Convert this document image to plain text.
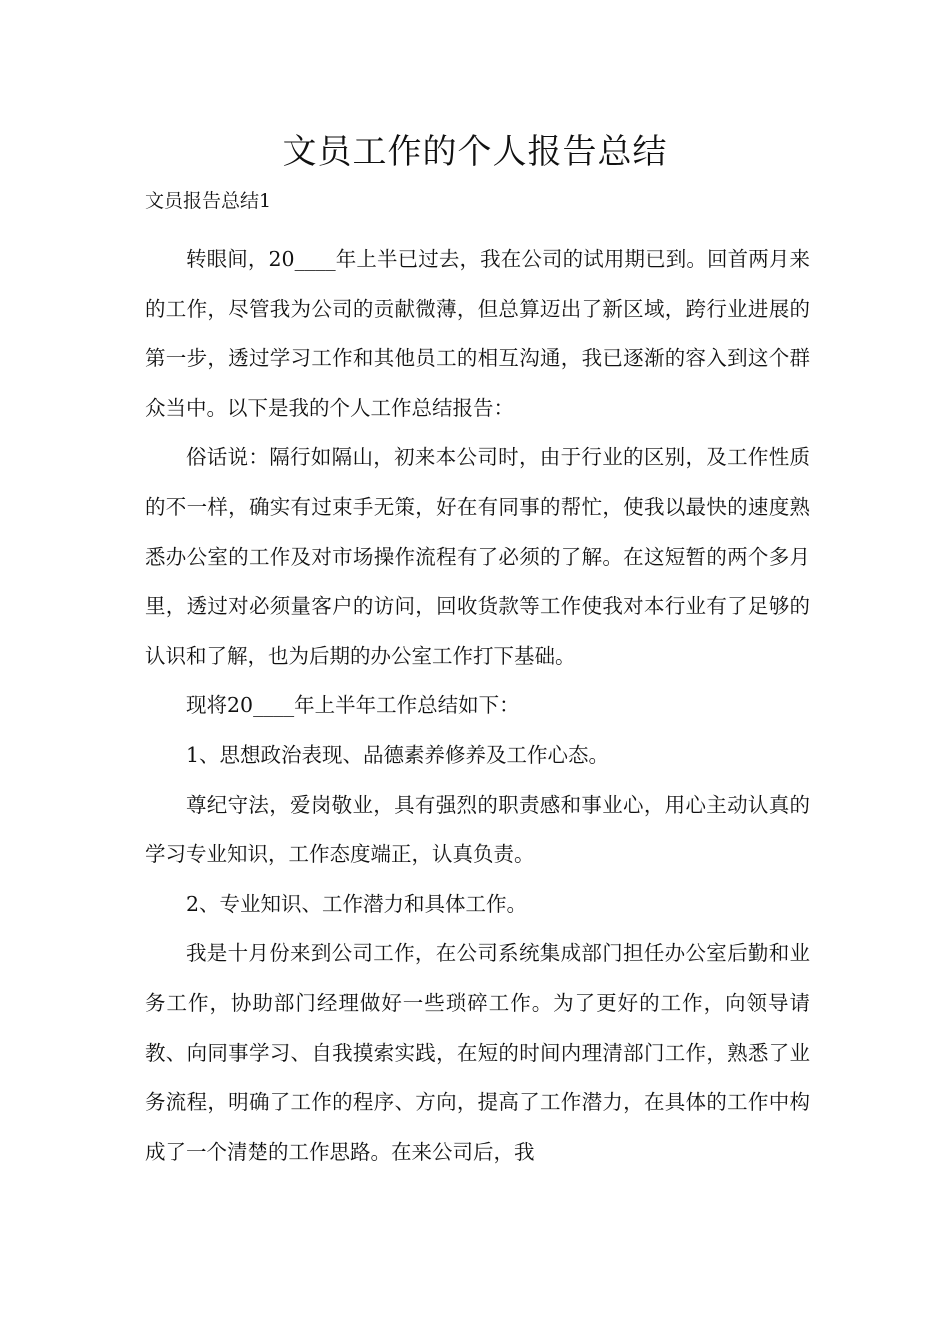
文员工作的个人报告总结

文员报告总结1

转眼间，20____年上半已过去，我在公司的试用期已到。回首两月来的工作，尽管我为公司的贡献微薄，但总算迈出了新区域，跨行业进展的第一步，透过学习工作和其他员工的相互沟通，我已逐渐的容入到这个群众当中。以下是我的个人工作总结报告：

俗话说：隔行如隔山，初来本公司时，由于行业的区别，及工作性质的不一样，确实有过束手无策，好在有同事的帮忙，使我以最快的速度熟悉办公室的工作及对市场操作流程有了必须的了解。在这短暂的两个多月里，透过对必须量客户的访问，回收货款等工作使我对本行业有了足够的认识和了解，也为后期的办公室工作打下基础。

现将20____年上半年工作总结如下：

1、思想政治表现、品德素养修养及工作心态。

尊纪守法，爱岗敬业，具有强烈的职责感和事业心，用心主动认真的学习专业知识，工作态度端正，认真负责。

2、专业知识、工作潜力和具体工作。

我是十月份来到公司工作，在公司系统集成部门担任办公室后勤和业务工作，协助部门经理做好一些琐碎工作。为了更好的工作，向领导请教、向同事学习、自我摸索实践，在短的时间内理清部门工作，熟悉了业务流程，明确了工作的程序、方向，提高了工作潜力，在具体的工作中构成了一个清楚的工作思路。在来公司后，我
